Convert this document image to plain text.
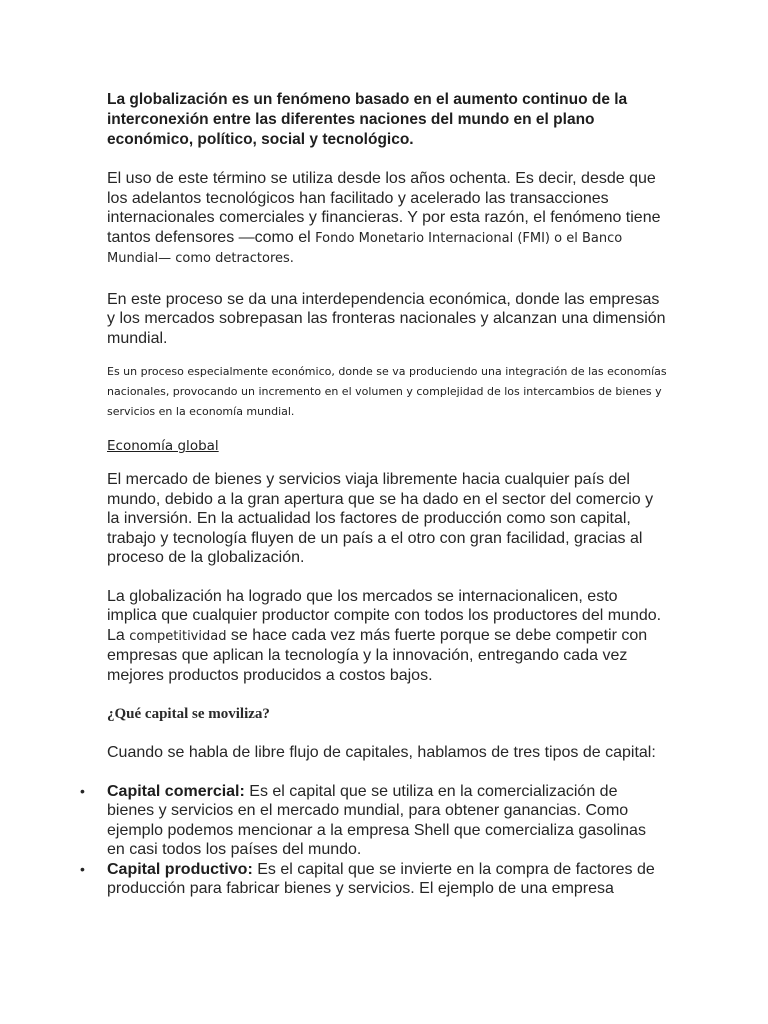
La globalización es un fenómeno basado en el aumento continuo de la interconexión entre las diferentes naciones del mundo en el plano económico, político, social y tecnológico.

El uso de este término se utiliza desde los años ochenta. Es decir, desde que los adelantos tecnológicos han facilitado y acelerado las transacciones internacionales comerciales y financieras. Y por esta razón, el fenómeno tiene tantos defensores —como el Fondo Monetario Internacional (FMI) o el Banco Mundial— como detractores.

En este proceso se da una interdependencia económica, donde las empresas y los mercados sobrepasan las fronteras nacionales y alcanzan una dimensión mundial.

Es un proceso especialmente económico, donde se va produciendo una integración de las economías nacionales, provocando un incremento en el volumen y complejidad de los intercambios de bienes y servicios en la economía mundial.

Economía global

El mercado de bienes y servicios viaja libremente hacia cualquier país del mundo, debido a la gran apertura que se ha dado en el sector del comercio y la inversión. En la actualidad los factores de producción como son capital, trabajo y tecnología fluyen de un país a el otro con gran facilidad, gracias al proceso de la globalización.

La globalización ha logrado que los mercados se internacionalicen, esto implica que cualquier productor compite con todos los productores del mundo. La competitividad se hace cada vez más fuerte porque se debe competir con empresas que aplican la tecnología y la innovación, entregando cada vez mejores productos producidos a costos bajos.

¿Qué capital se moviliza?

Cuando se habla de libre flujo de capitales, hablamos de tres tipos de capital:

• Capital comercial: Es el capital que se utiliza en la comercialización de bienes y servicios en el mercado mundial, para obtener ganancias. Como ejemplo podemos mencionar a la empresa Shell que comercializa gasolinas en casi todos los países del mundo.
• Capital productivo: Es el capital que se invierte en la compra de factores de producción para fabricar bienes y servicios. El ejemplo de una empresa
